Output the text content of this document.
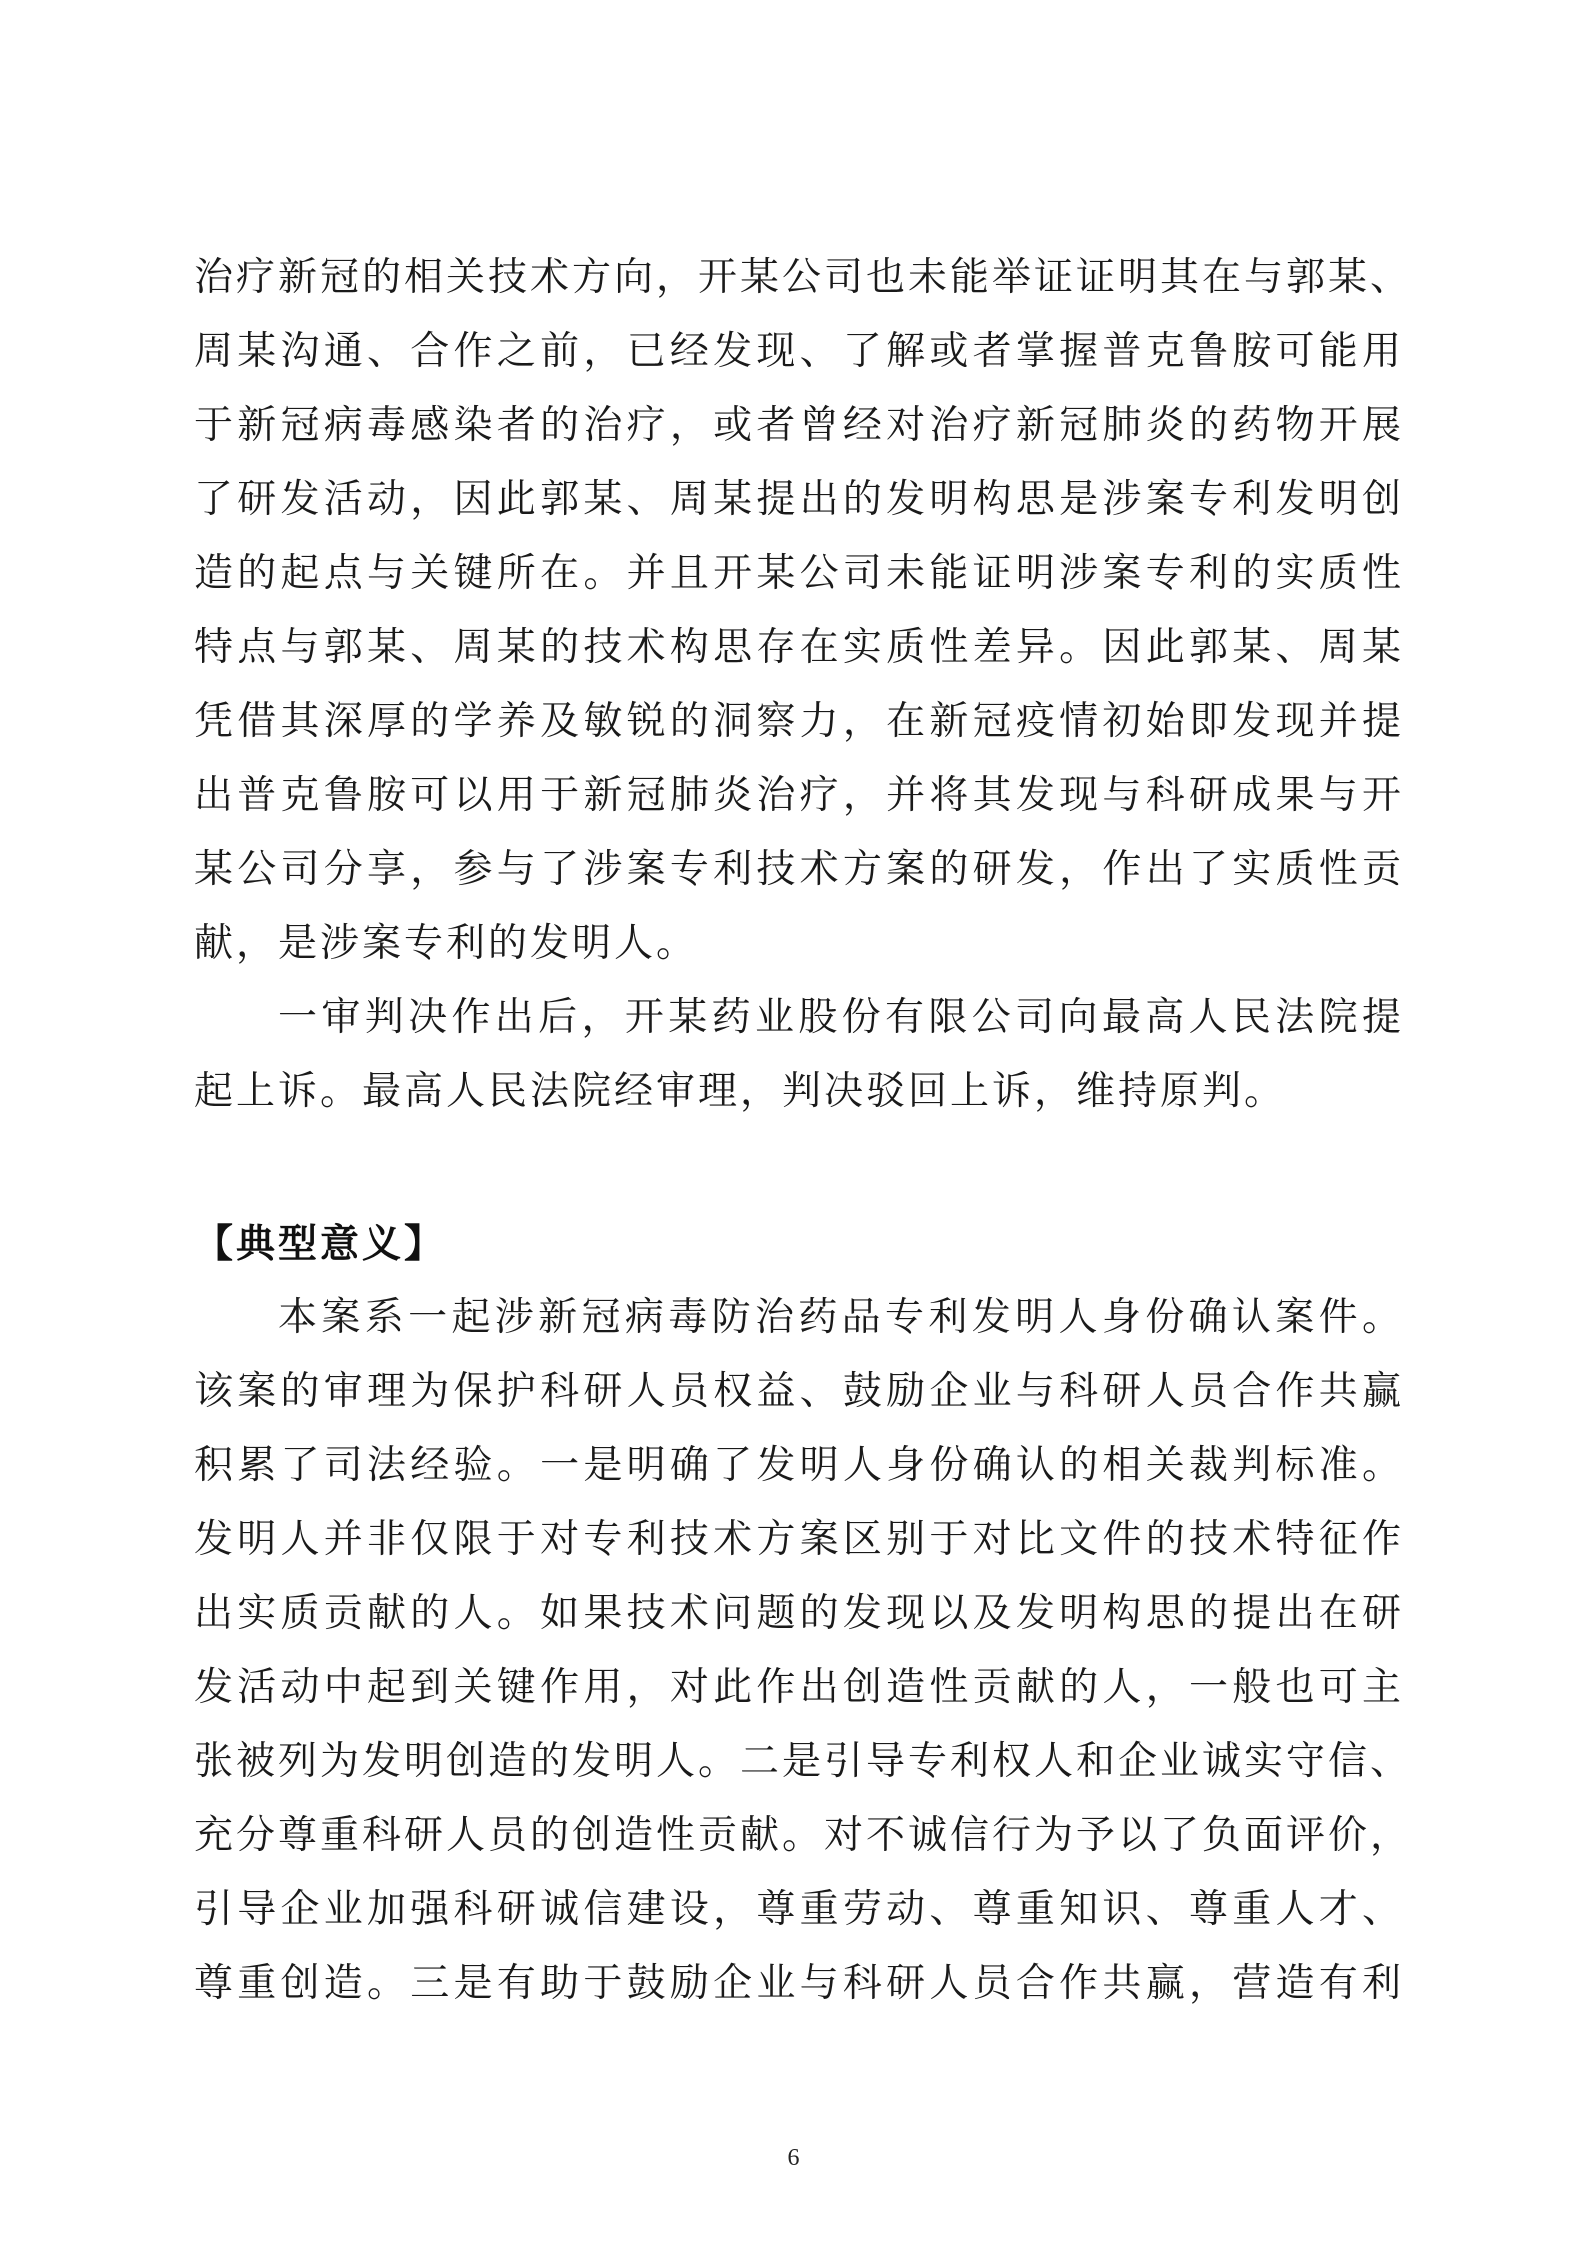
治疗新冠的相关技术方向，开某公司也未能举证证明其在与郭某、
周某沟通、合作之前，已经发现、了解或者掌握普克鲁胺可能用
于新冠病毒感染者的治疗，或者曾经对治疗新冠肺炎的药物开展
了研发活动，因此郭某、周某提出的发明构思是涉案专利发明创
造的起点与关键所在。并且开某公司未能证明涉案专利的实质性
特点与郭某、周某的技术构思存在实质性差异。因此郭某、周某
凭借其深厚的学养及敏锐的洞察力，在新冠疫情初始即发现并提
出普克鲁胺可以用于新冠肺炎治疗，并将其发现与科研成果与开
某公司分享，参与了涉案专利技术方案的研发，作出了实质性贡
献，是涉案专利的发明人。
一审判决作出后，开某药业股份有限公司向最高人民法院提
起上诉。最高人民法院经审理，判决驳回上诉，维持原判。
【典型意义】
本案系一起涉新冠病毒防治药品专利发明人身份确认案件。
该案的审理为保护科研人员权益、鼓励企业与科研人员合作共赢
积累了司法经验。一是明确了发明人身份确认的相关裁判标准。
发明人并非仅限于对专利技术方案区别于对比文件的技术特征作
出实质贡献的人。如果技术问题的发现以及发明构思的提出在研
发活动中起到关键作用，对此作出创造性贡献的人，一般也可主
张被列为发明创造的发明人。二是引导专利权人和企业诚实守信、
充分尊重科研人员的创造性贡献。对不诚信行为予以了负面评价，
引导企业加强科研诚信建设，尊重劳动、尊重知识、尊重人才、
尊重创造。三是有助于鼓励企业与科研人员合作共赢，营造有利
6
